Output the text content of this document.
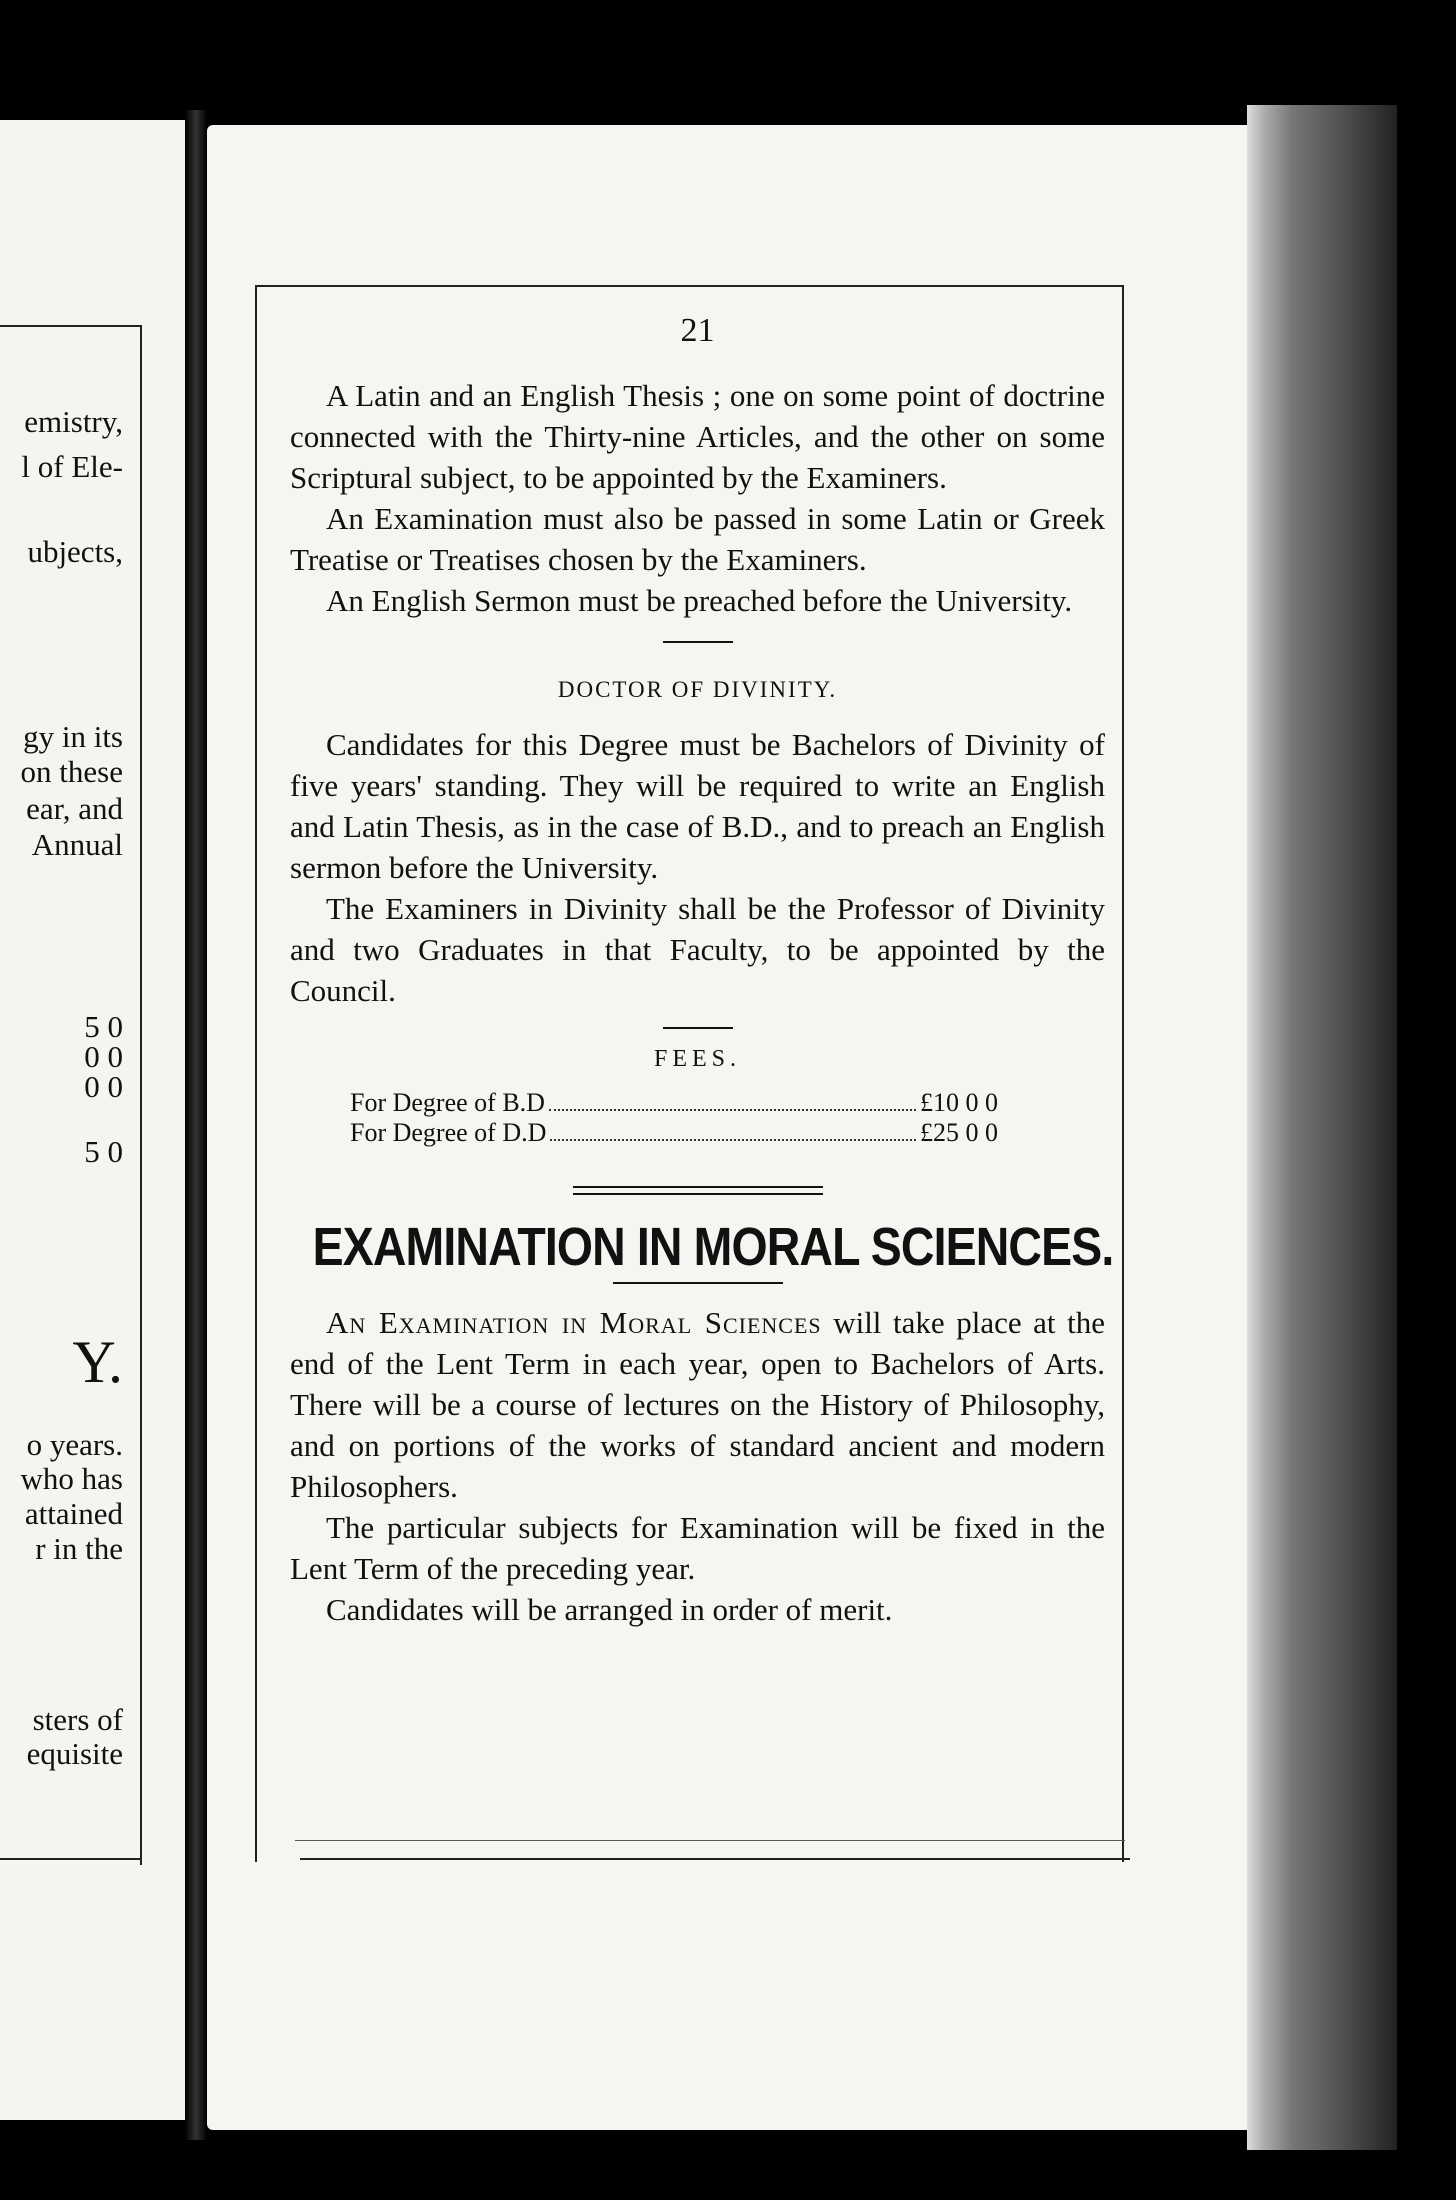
emistry,
l of Ele-
ubjects,
gy in its
on these
ear, and
Annual
5 0
0 0
0 0
5 0
o years.
who has
attained
r in the
sters of
equisite
Y.
21

A Latin and an English Thesis ; one on some point of doctrine connected with the Thirty-nine Articles, and the other on some Scriptural subject, to be appointed by the Examiners.

An Examination must also be passed in some Latin or Greek Treatise or Treatises chosen by the Examiners.

An English Sermon must be preached before the University.

DOCTOR OF DIVINITY.

Candidates for this Degree must be Bachelors of Divinity of five years' standing. They will be required to write an English and Latin Thesis, as in the case of B.D., and to preach an English sermon before the University.

The Examiners in Divinity shall be the Professor of Divinity and two Graduates in that Faculty, to be appointed by the Council.

FEES.
For Degree of B.D	£10 0 0
For Degree of D.D	£25 0 0
EXAMINATION IN MORAL SCIENCES.

An Examination in Moral Sciences will take place at the end of the Lent Term in each year, open to Bachelors of Arts. There will be a course of lectures on the History of Philosophy, and on portions of the works of standard ancient and modern Philosophers.

The particular subjects for Examination will be fixed in the Lent Term of the preceding year.

Candidates will be arranged in order of merit.
